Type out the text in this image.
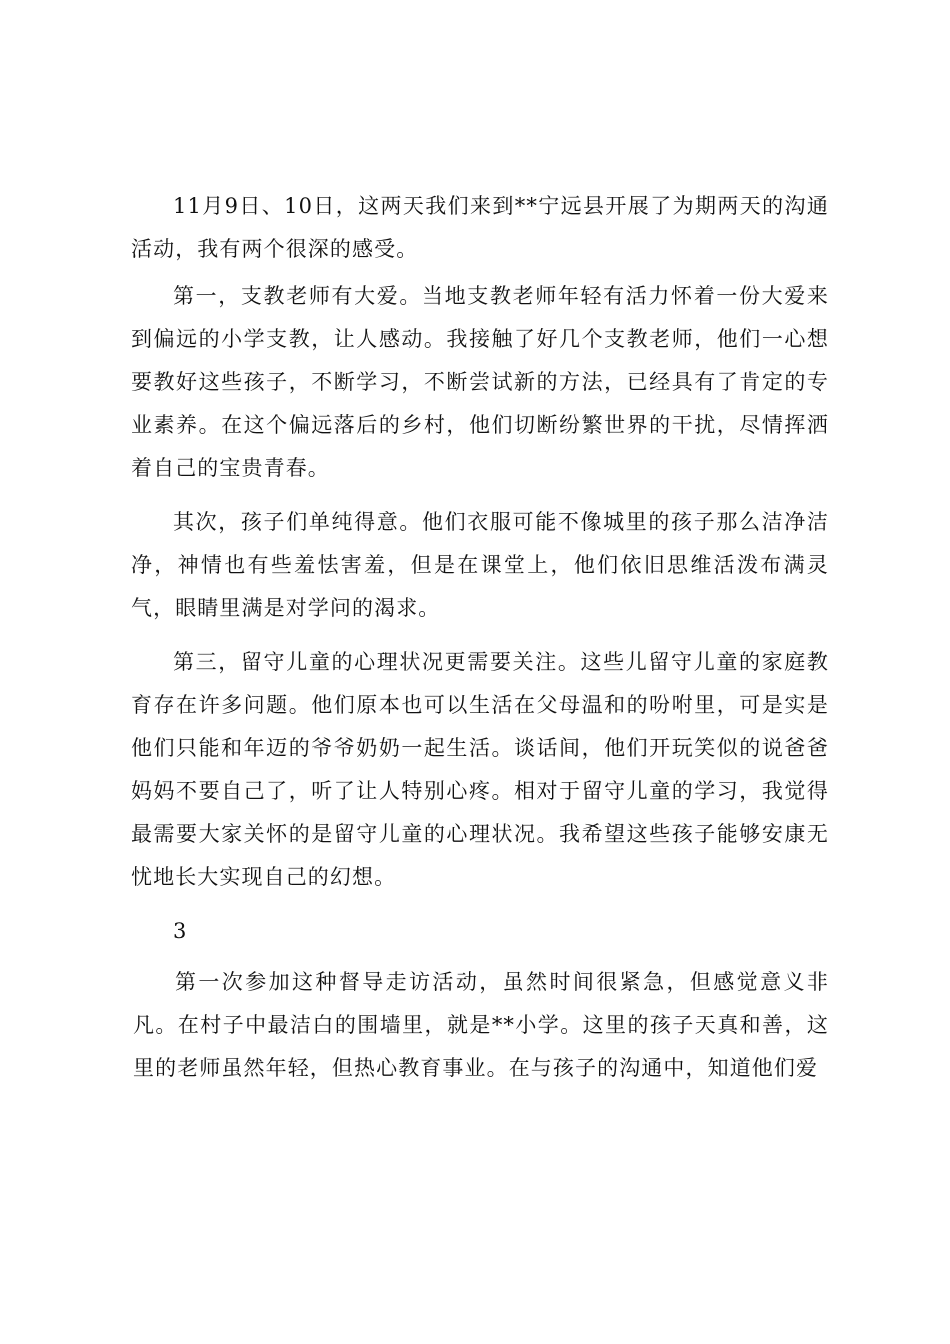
11月9日、10日，这两天我们来到**宁远县开展了为期两天的沟通活动，我有两个很深的感受。

第一，支教老师有大爱。当地支教老师年轻有活力怀着一份大爱来到偏远的小学支教，让人感动。我接触了好几个支教老师，他们一心想要教好这些孩子，不断学习，不断尝试新的方法，已经具有了肯定的专业素养。在这个偏远落后的乡村，他们切断纷繁世界的干扰，尽情挥洒着自己的宝贵青春。

其次，孩子们单纯得意。他们衣服可能不像城里的孩子那么洁净洁净，神情也有些羞怯害羞，但是在课堂上，他们依旧思维活泼布满灵气，眼睛里满是对学问的渴求。

第三，留守儿童的心理状况更需要关注。这些儿留守儿童的家庭教育存在许多问题。他们原本也可以生活在父母温和的吩咐里，可是实是他们只能和年迈的爷爷奶奶一起生活。谈话间，他们开玩笑似的说爸爸妈妈不要自己了，听了让人特别心疼。相对于留守儿童的学习，我觉得最需要大家关怀的是留守儿童的心理状况。我希望这些孩子能够安康无忧地长大实现自己的幻想。

3

第一次参加这种督导走访活动，虽然时间很紧急，但感觉意义非凡。在村子中最洁白的围墙里，就是**小学。这里的孩子天真和善，这里的老师虽然年轻，但热心教育事业。在与孩子的沟通中，知道他们爱
